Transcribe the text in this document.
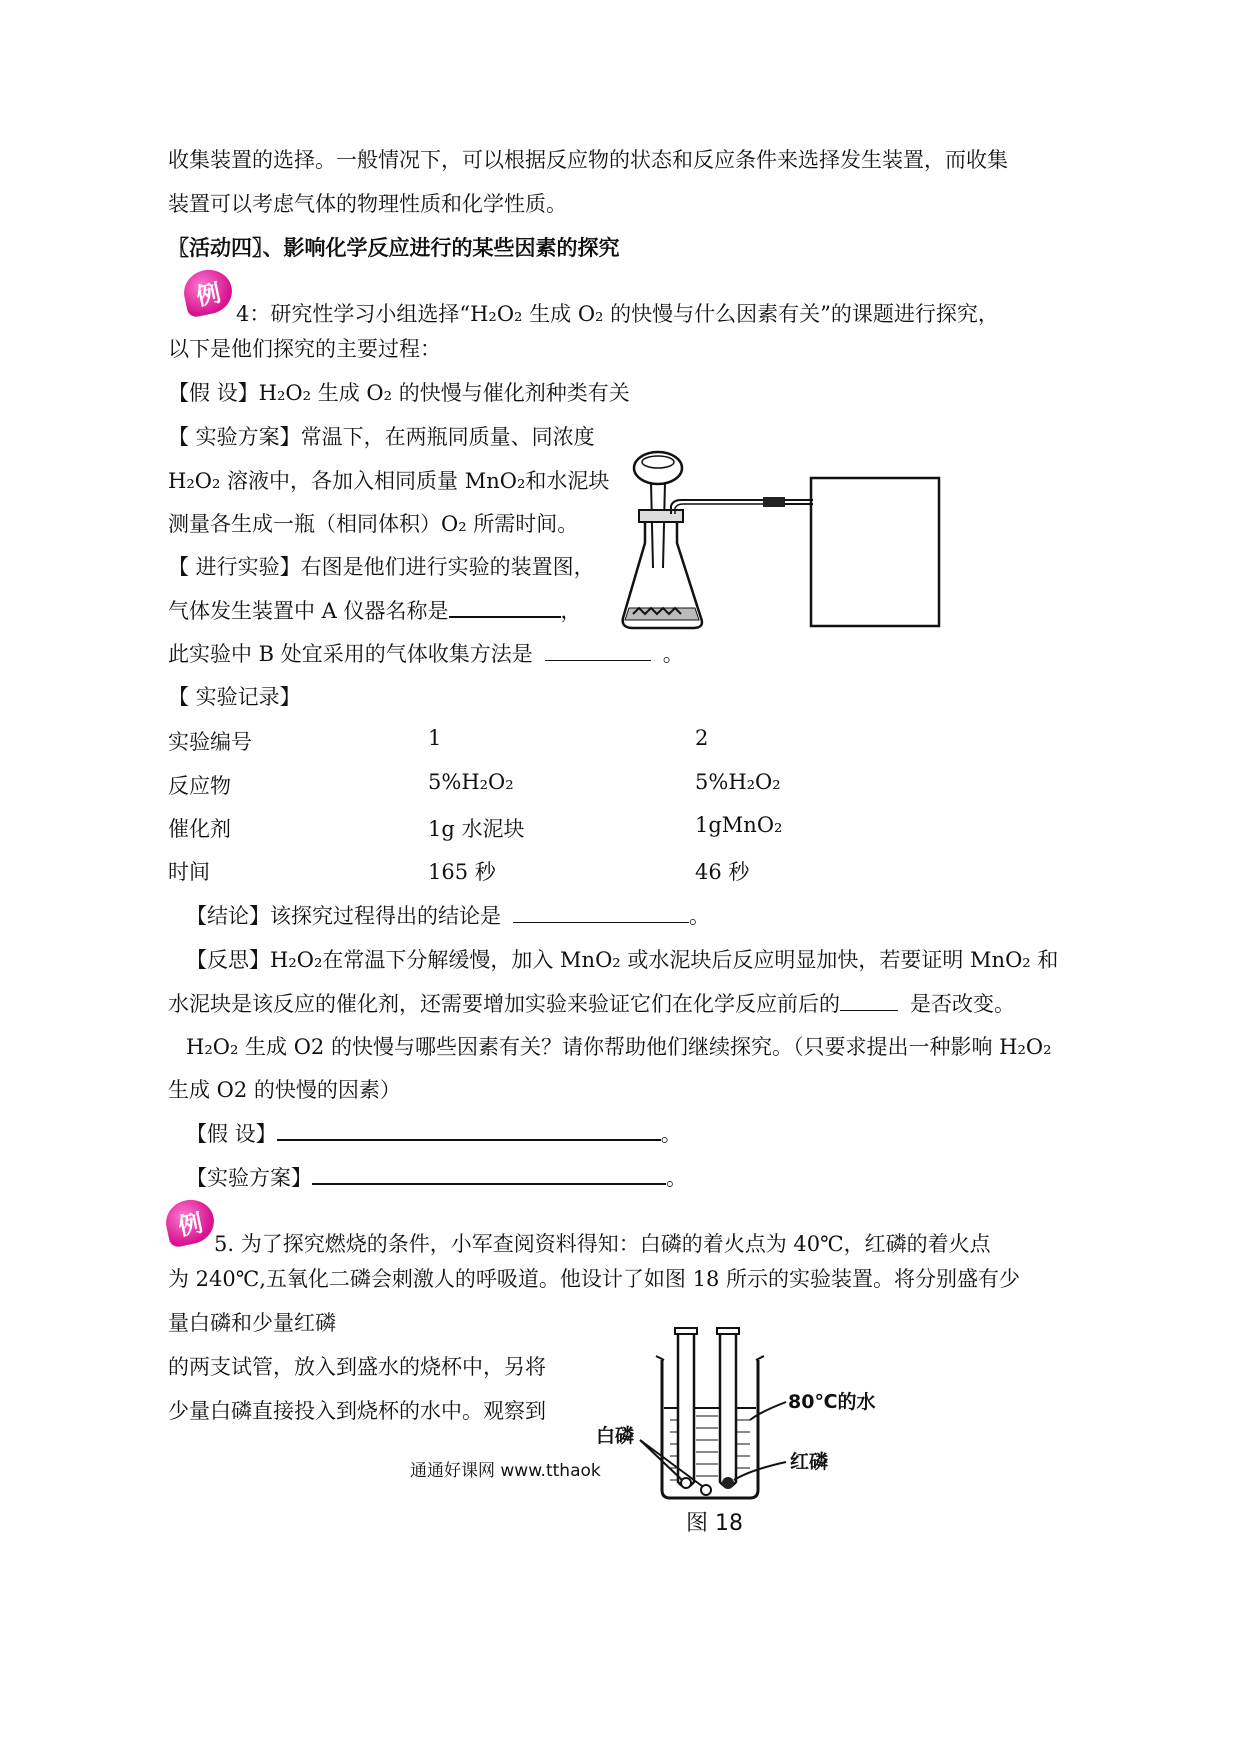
收集装置的选择。一般情况下，可以根据反应物的状态和反应条件来选择发生装置，而收集
装置可以考虑气体的物理性质和化学性质。
〖活动四〗、影响化学反应进行的某些因素的探究
例
4：研究性学习小组选择“H₂O₂ 生成 O₂ 的快慢与什么因素有关”的课题进行探究，
以下是他们探究的主要过程：
【假 设】H₂O₂ 生成 O₂ 的快慢与催化剂种类有关
【 实验方案】常温下，在两瓶同质量、同浓度
H₂O₂ 溶液中，各加入相同质量 MnO₂和水泥块
测量各生成一瓶（相同体积）O₂ 所需时间。
【 进行实验】右图是他们进行实验的装置图，
气体发生装置中 A 仪器名称是	，
此实验中 B 处宜采用的气体收集方法是	。
【 实验记录】
实验编号	1	2
反应物	5%H₂O₂	5%H₂O₂
催化剂	1g 水泥块	1gMnO₂
时间	165 秒	46 秒
【结论】该探究过程得出的结论是	。
【反思】H₂O₂在常温下分解缓慢，加入 MnO₂ 或水泥块后反应明显加快，若要证明 MnO₂ 和
水泥块是该反应的催化剂，还需要增加实验来验证它们在化学反应前后的	是否改变。
H₂O₂ 生成 O2 的快慢与哪些因素有关？请你帮助他们继续探究。（只要求提出一种影响 H₂O₂
生成 O2 的快慢的因素）
【假 设】	。
【实验方案】	。
例
5. 为了探究燃烧的条件，小军查阅资料得知：白磷的着火点为 40℃，红磷的着火点
为 240℃,五氧化二磷会刺激人的呼吸道。他设计了如图 18 所示的实验装置。将分别盛有少
量白磷和少量红磷
的两支试管，放入到盛水的烧杯中，另将
少量白磷直接投入到烧杯的水中。观察到	80℃的水
白磷
红磷
图 18
通通好课网 www.tthaok
